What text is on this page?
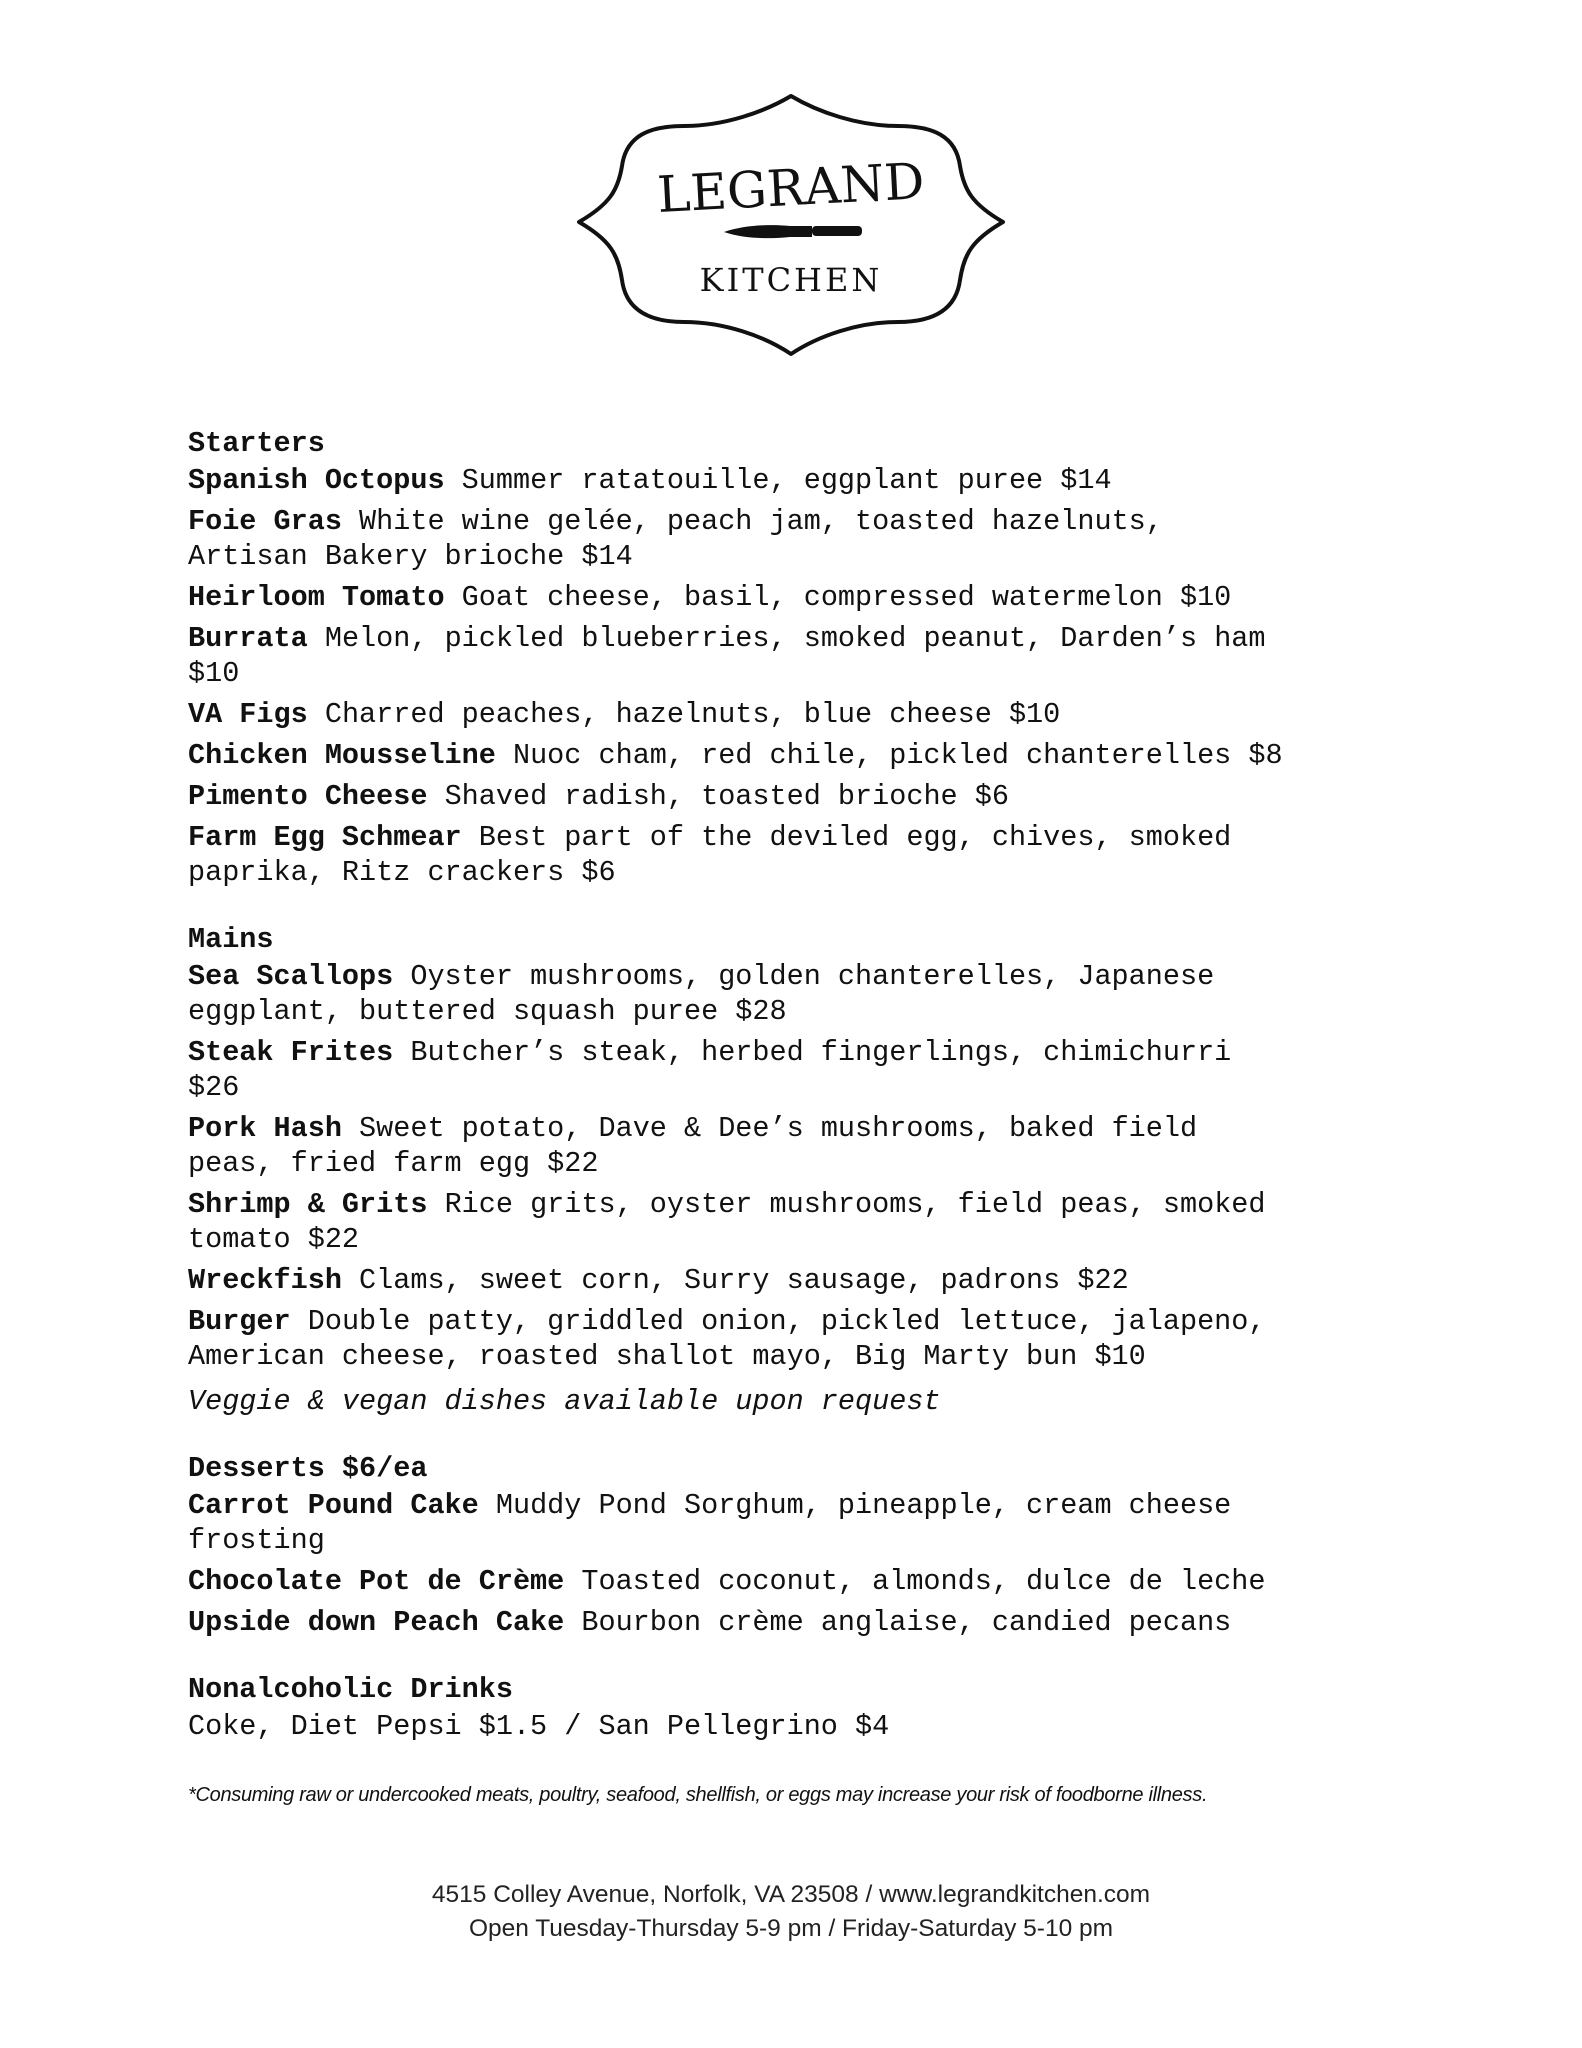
LEGRAND
KITCHEN
Starters
Spanish Octopus Summer ratatouille, eggplant puree $14
Foie Gras White wine gelée, peach jam, toasted hazelnuts,
Artisan Bakery brioche $14
Heirloom Tomato Goat cheese, basil, compressed watermelon $10
Burrata Melon, pickled blueberries, smoked peanut, Darden’s ham
$10
VA Figs Charred peaches, hazelnuts, blue cheese $10
Chicken Mousseline Nuoc cham, red chile, pickled chanterelles $8
Pimento Cheese Shaved radish, toasted brioche $6
Farm Egg Schmear Best part of the deviled egg, chives, smoked
paprika, Ritz crackers $6
Mains
Sea Scallops Oyster mushrooms, golden chanterelles, Japanese
eggplant, buttered squash puree $28
Steak Frites Butcher’s steak, herbed fingerlings, chimichurri
$26
Pork Hash Sweet potato, Dave & Dee’s mushrooms, baked field
peas, fried farm egg $22
Shrimp & Grits Rice grits, oyster mushrooms, field peas, smoked
tomato $22
Wreckfish Clams, sweet corn, Surry sausage, padrons $22
Burger Double patty, griddled onion, pickled lettuce, jalapeno,
American cheese, roasted shallot mayo, Big Marty bun $10
Veggie & vegan dishes available upon request
Desserts $6/ea
Carrot Pound Cake Muddy Pond Sorghum, pineapple, cream cheese
frosting
Chocolate Pot de Crème Toasted coconut, almonds, dulce de leche
Upside down Peach Cake Bourbon crème anglaise, candied pecans
Nonalcoholic Drinks
Coke, Diet Pepsi $1.5 / San Pellegrino $4
*Consuming raw or undercooked meats, poultry, seafood, shellfish, or eggs may increase your risk of foodborne illness.
4515 Colley Avenue, Norfolk, VA 23508 / www.legrandkitchen.com
Open Tuesday-Thursday 5-9 pm / Friday-Saturday 5-10 pm
